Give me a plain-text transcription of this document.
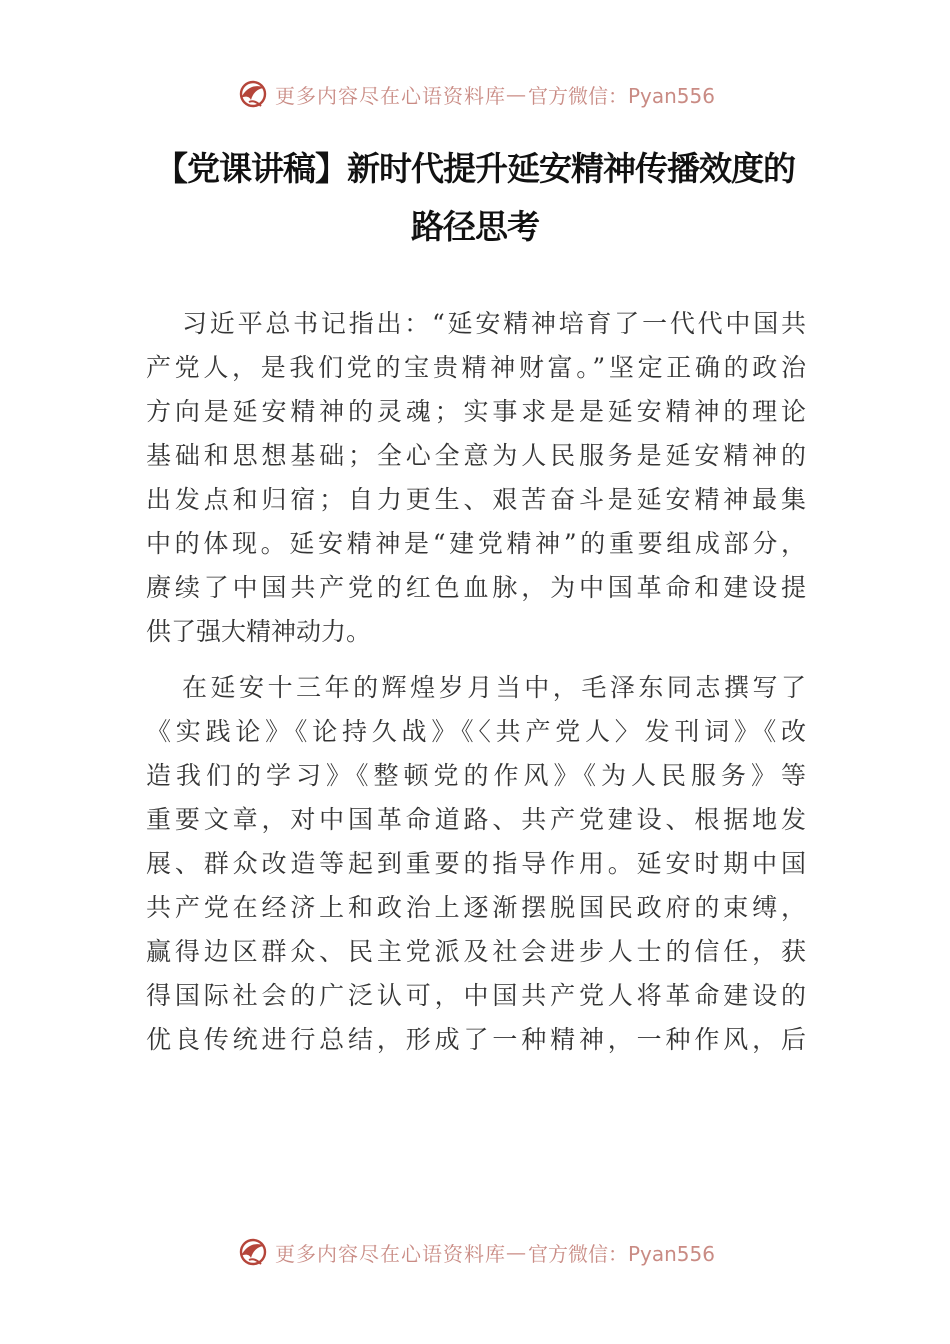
更多内容尽在心语资料库 — 官方微信：Pyan556
【党课讲稿】新时代提升延安精神传播效度的
路径思考

习近平总书记指出：“延安精神培育了一代代中国共
产党人，是我们党的宝贵精神财富。”坚定正确的政治
方向是延安精神的灵魂；实事求是是延安精神的理论
基础和思想基础；全心全意为人民服务是延安精神的
出发点和归宿；自力更生、艰苦奋斗是延安精神最集
中的体现。延安精神是“建党精神”的重要组成部分，
赓续了中国共产党的红色血脉，为中国革命和建设提
供了强大精神动力。

在延安十三年的辉煌岁月当中，毛泽东同志撰写了
《实践论》《论持久战》《〈共产党人〉发刊词》《改
造我们的学习》《整顿党的作风》《为人民服务》等
重要文章，对中国革命道路、共产党建设、根据地发
展、群众改造等起到重要的指导作用。延安时期中国
共产党在经济上和政治上逐渐摆脱国民政府的束缚，
赢得边区群众、民主党派及社会进步人士的信任，获
得国际社会的广泛认可，中国共产党人将革命建设的
优良传统进行总结，形成了一种精神，一种作风，后

更多内容尽在心语资料库 — 官方微信：Pyan556
